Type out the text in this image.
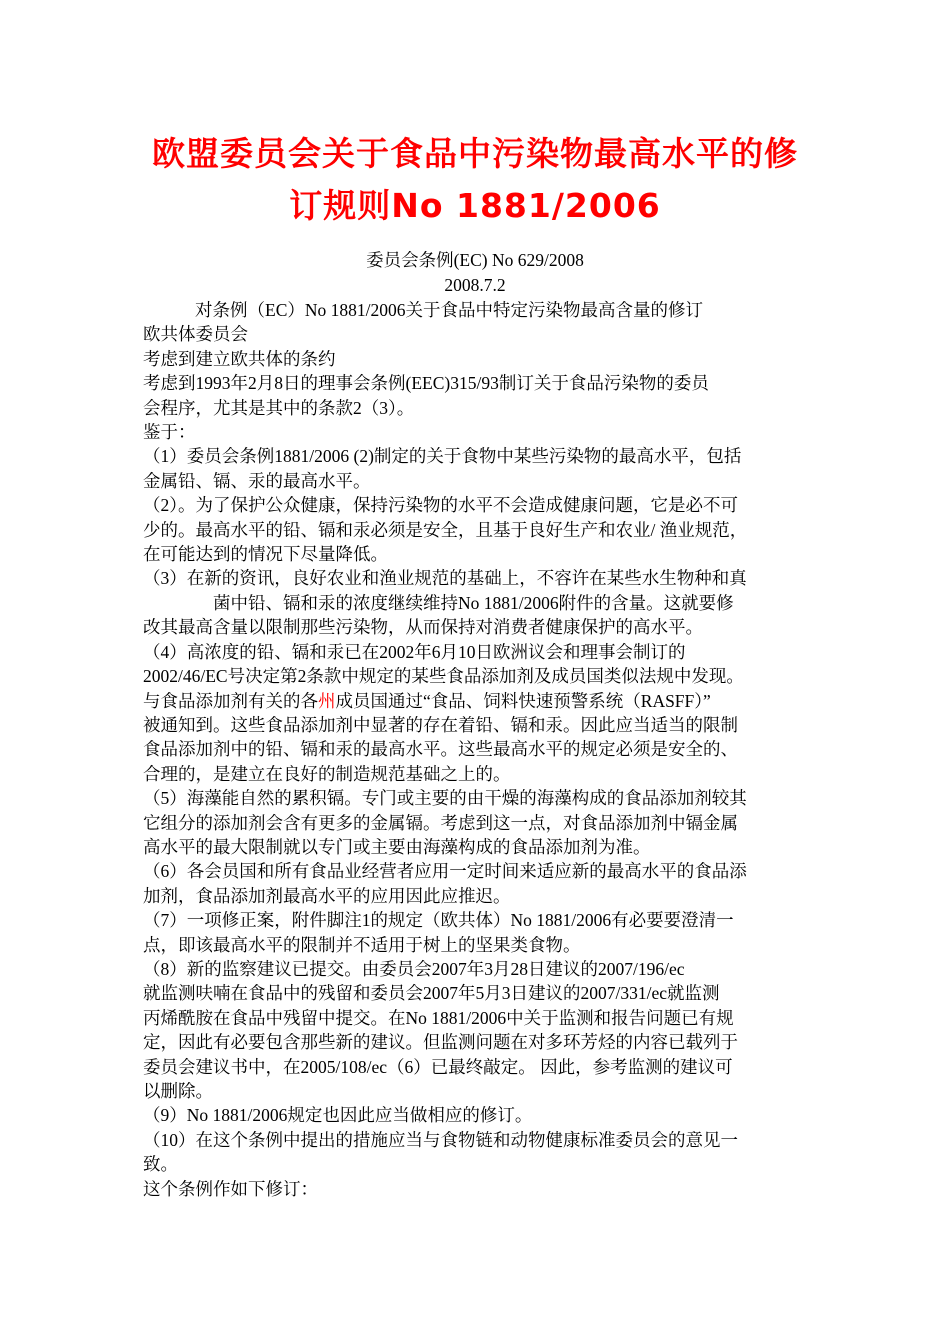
欧盟委员会关于食品中污染物最高水平的修
订规则No 1881/2006
委员会条例(EC) No 629/2008
2008.7.2

对条例（EC）No 1881/2006关于食品中特定污染物最高含量的修订

欧共体委员会

考虑到建立欧共体的条约

考虑到1993年2月8日的理事会条例(EEC)315/93制订关于食品污染物的委员

会程序，尤其是其中的条款2（3）。

鉴于：

（1）委员会条例1881/2006 (2)制定的关于食物中某些污染物的最高水平，包括

金属铅、镉、汞的最高水平。

（2）。为了保护公众健康，保持污染物的水平不会造成健康问题，它是必不可

少的。最高水平的铅、镉和汞必须是安全，且基于良好生产和农业/ 渔业规范，

在可能达到的情况下尽量降低。

（3）在新的资讯，良好农业和渔业规范的基础上，不容许在某些水生物种和真

菌中铅、镉和汞的浓度继续维持No 1881/2006附件的含量。这就要修

改其最高含量以限制那些污染物，从而保持对消费者健康保护的高水平。

（4）高浓度的铅、镉和汞已在2002年6月10日欧洲议会和理事会制订的

2002/46/EC号决定第2条款中规定的某些食品添加剂及成员国类似法规中发现。

与食品添加剂有关的各州成员国通过“食品、饲料快速预警系统（RASFF）”

被通知到。这些食品添加剂中显著的存在着铅、镉和汞。因此应当适当的限制

食品添加剂中的铅、镉和汞的最高水平。这些最高水平的规定必须是安全的、

合理的，是建立在良好的制造规范基础之上的。

（5）海藻能自然的累积镉。专门或主要的由干燥的海藻构成的食品添加剂较其

它组分的添加剂会含有更多的金属镉。考虑到这一点，对食品添加剂中镉金属

高水平的最大限制就以专门或主要由海藻构成的食品添加剂为准。

（6）各会员国和所有食品业经营者应用一定时间来适应新的最高水平的食品添

加剂，食品添加剂最高水平的应用因此应推迟。

（7）一项修正案，附件脚注1的规定（欧共体）No 1881/2006有必要要澄清一

点，即该最高水平的限制并不适用于树上的坚果类食物。

（8）新的监察建议已提交。由委员会2007年3月28日建议的2007/196/ec

就监测呋喃在食品中的残留和委员会2007年5月3日建议的2007/331/ec就监测

丙烯酰胺在食品中残留中提交。在No 1881/2006中关于监测和报告问题已有规

定，因此有必要包含那些新的建议。但监测问题在对多环芳烃的内容已载列于

委员会建议书中，在2005/108/ec（6）已最终敲定。 因此，参考监测的建议可

以删除。

（9）No 1881/2006规定也因此应当做相应的修订。

（10）在这个条例中提出的措施应当与食物链和动物健康标准委员会的意见一

致。

这个条例作如下修订：
